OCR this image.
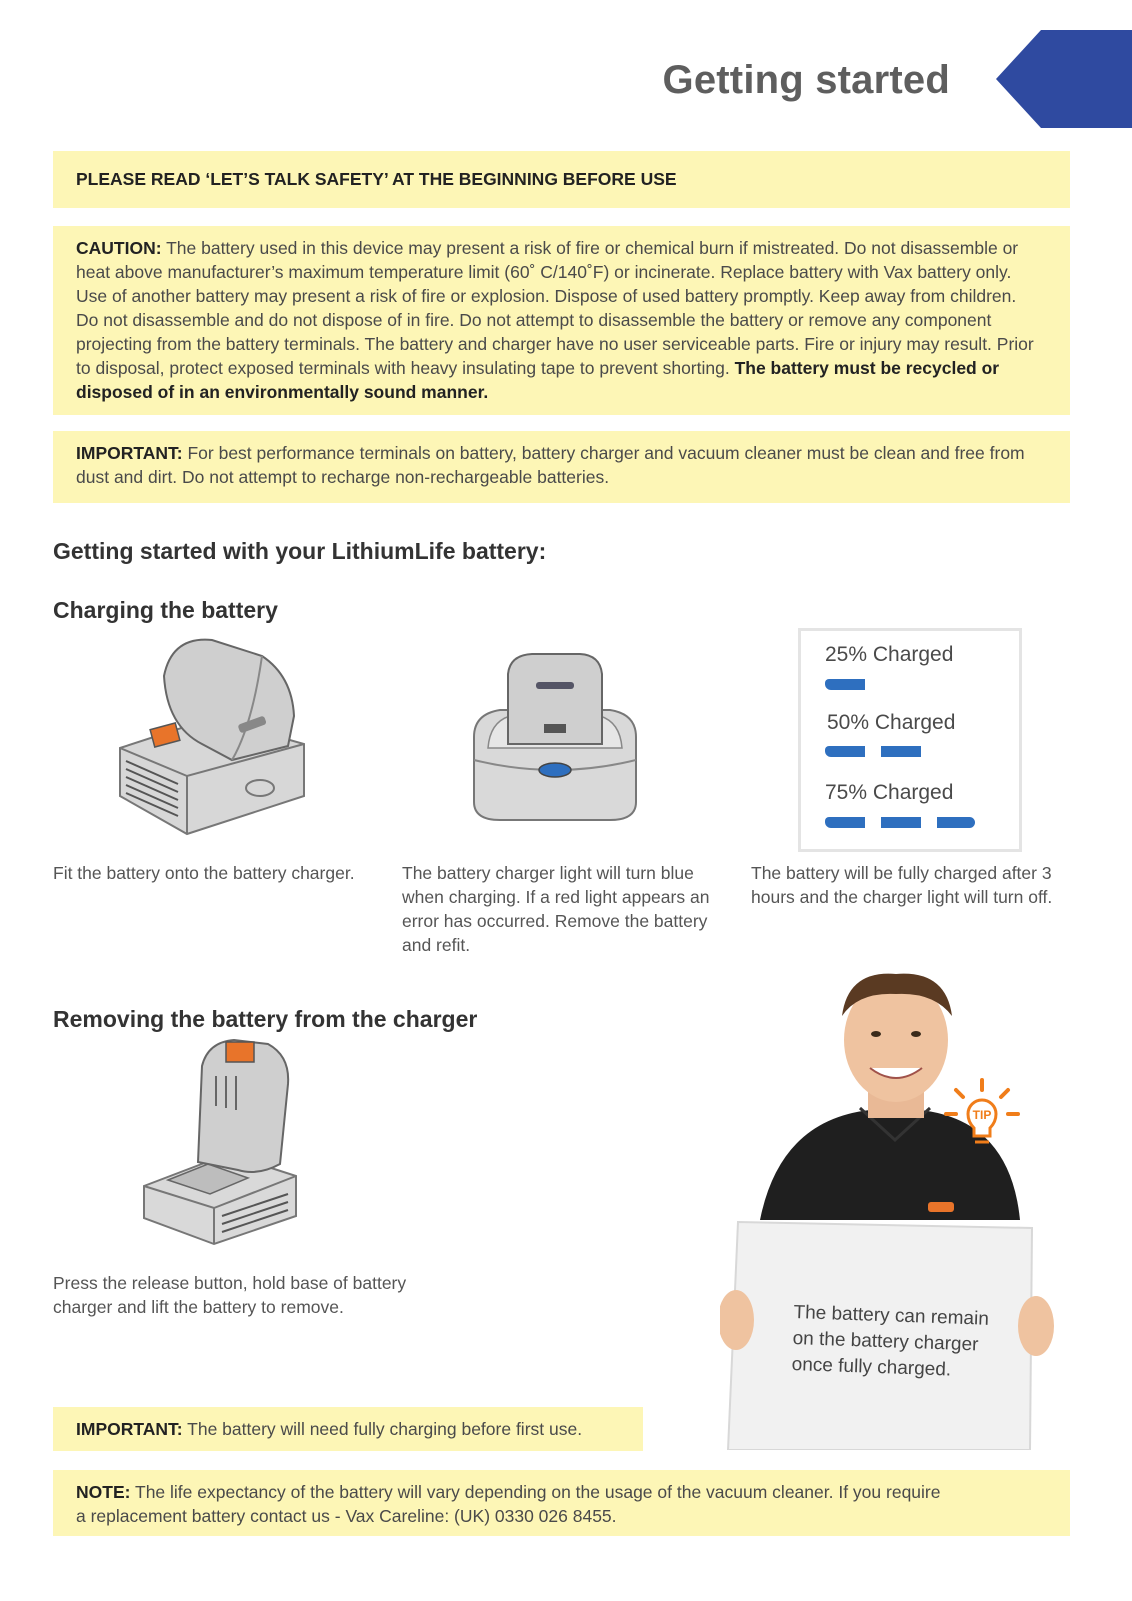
Getting started
PLEASE READ ‘LET’S TALK SAFETY’ AT THE BEGINNING BEFORE USE
CAUTION: The battery used in this device may present a risk of fire or chemical burn if mistreated. Do not disassemble or heat above manufacturer’s maximum temperature limit (60˚ C/140˚F) or incinerate. Replace battery with Vax battery only. Use of another battery may present a risk of fire or explosion. Dispose of used battery promptly. Keep away from children. Do not disassemble and do not dispose of in fire. Do not attempt to disassemble the battery or remove any component projecting from the battery terminals. The battery and charger have no user serviceable parts. Fire or injury may result. Prior to disposal, protect exposed terminals with heavy insulating tape to prevent shorting. The battery must be recycled or disposed of in an environmentally sound manner.
IMPORTANT: For best performance terminals on battery, battery charger and vacuum cleaner must be clean and free from dust and dirt. Do not attempt to recharge non-rechargeable batteries.
Getting started with your LithiumLife battery:
Charging the battery
25% Charged
50% Charged
75% Charged
Fit the battery onto the battery charger.	The battery charger light will turn blue when charging. If a red light appears an error has occurred. Remove the battery and refit.
The battery will be fully charged after 3 hours and the charger light will turn off.
Removing the battery from the charger
Press the release button, hold base of battery charger and lift the battery to remove.	The battery can remain on the battery charger once fully charged.
TIP
IMPORTANT: The battery will need fully charging before first use.
NOTE: The life expectancy of the battery will vary depending on the usage of the vacuum cleaner. If you require a replacement battery contact us - Vax Careline: (UK) 0330 026 8455.
